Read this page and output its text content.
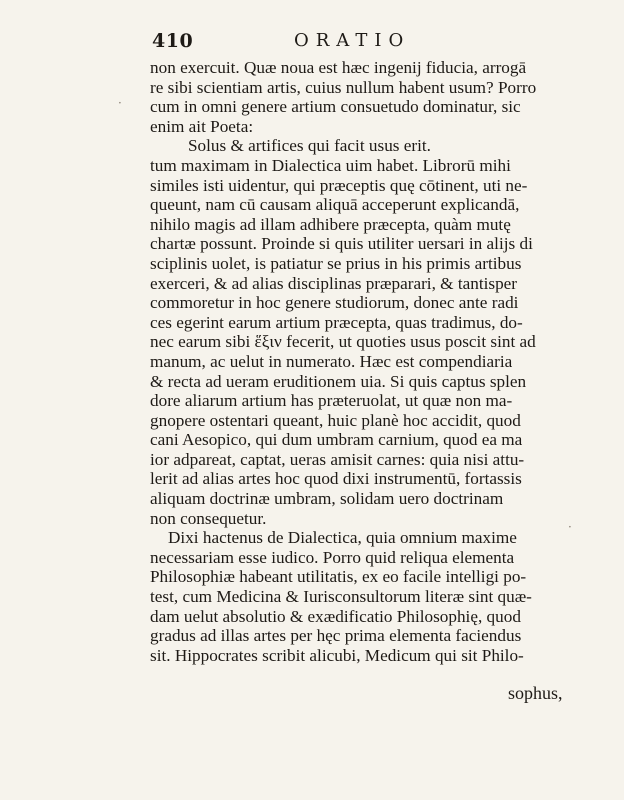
410	ORATIO
non exercuit. Quæ noua est hæc ingenij fiducia, arrogā
re sibi scientiam artis, cuius nullum habent usum? Porro
cum in omni genere artium consuetudo dominatur, sic
enim ait Poeta:
Solus & artifices qui facit usus erit.
tum maximam in Dialectica uim habet. Librorū mihi
similes isti uidentur, qui præceptis quę cōtinent, uti ne-
queunt, nam cū causam aliquā acceperunt explicandā,
nihilo magis ad illam adhibere præcepta, quàm mutę
chartæ possunt. Proinde si quis utiliter uersari in alijs di
sciplinis uolet, is patiatur se prius in his primis artibus
exerceri, & ad alias disciplinas præparari, & tantisper
commoretur in hoc genere studiorum, donec ante radi
ces egerint earum artium præcepta, quas tradimus, do-
nec earum sibi ἕξιν fecerit, ut quoties usus poscit sint ad
manum, ac uelut in numerato. Hæc est compendiaria
& recta ad ueram eruditionem uia. Si quis captus splen
dore aliarum artium has præteruolat, ut quæ non ma-
gnopere ostentari queant, huic planè hoc accidit, quod
cani Aesopico, qui dum umbram carnium, quod ea ma
ior adpareat, captat, ueras amisit carnes: quia nisi attu-
lerit ad alias artes hoc quod dixi instrumentū, fortassis
aliquam doctrinæ umbram, solidam uero doctrinam
non consequetur.
Dixi hactenus de Dialectica, quia omnium maxime
necessariam esse iudico. Porro quid reliqua elementa
Philosophiæ habeant utilitatis, ex eo facile intelligi po-
test, cum Medicina & Iurisconsultorum literæ sint quæ-
dam uelut absolutio & exædificatio Philosophię, quod
gradus ad illas artes per hęc prima elementa faciendus
sit. Hippocrates scribit alicubi, Medicum qui sit Philo-
sophus,
·
·
